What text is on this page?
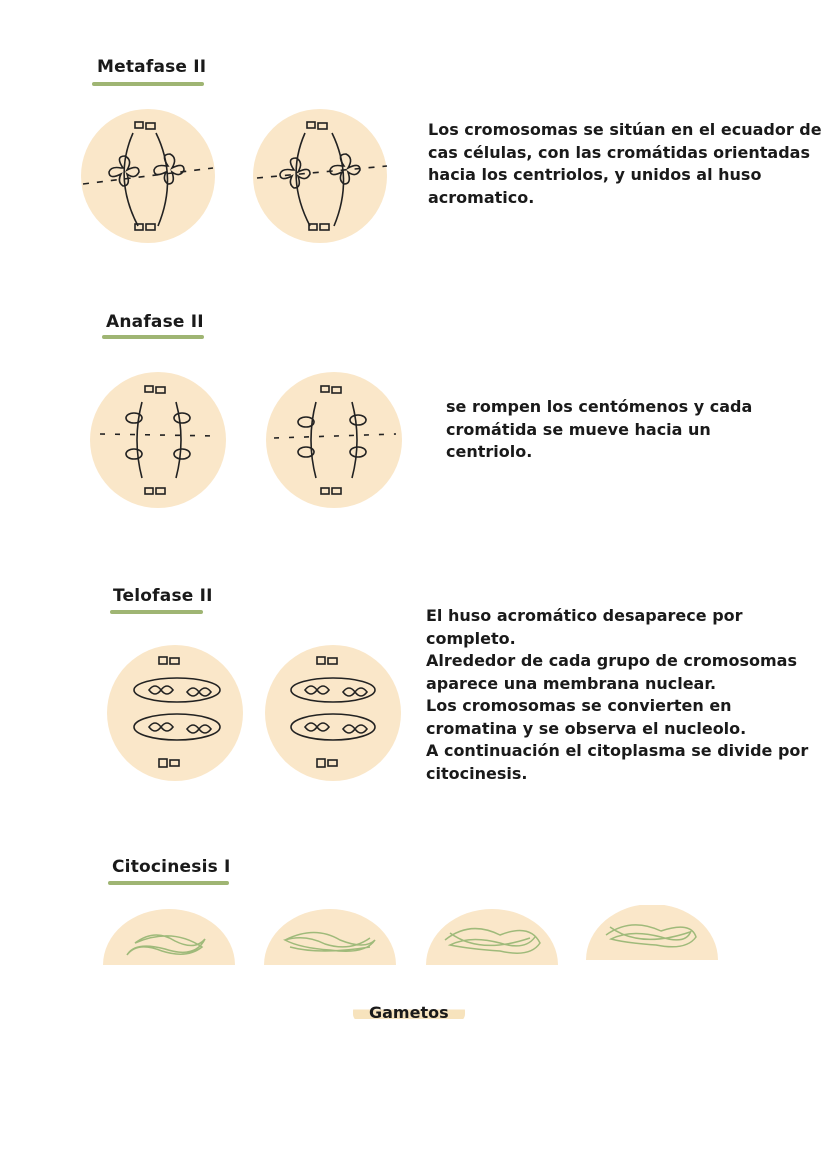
Metafase II
Los cromosomas se sitúan en el ecuador de
cas células, con las cromátidas orientadas
hacia los centriolos, y unidos al huso
acromatico.
Anafase II
se rompen los centómenos y cada
cromátida se mueve hacia un
centriolo.
Telofase II
El huso acromático desaparece por
completo.
Alrededor de cada grupo de cromosomas
aparece una membrana nuclear.
Los cromosomas se convierten en
cromatina y se observa el nucleolo.
A continuación el citoplasma se divide por
citocinesis.
Citocinesis I
Gametos
